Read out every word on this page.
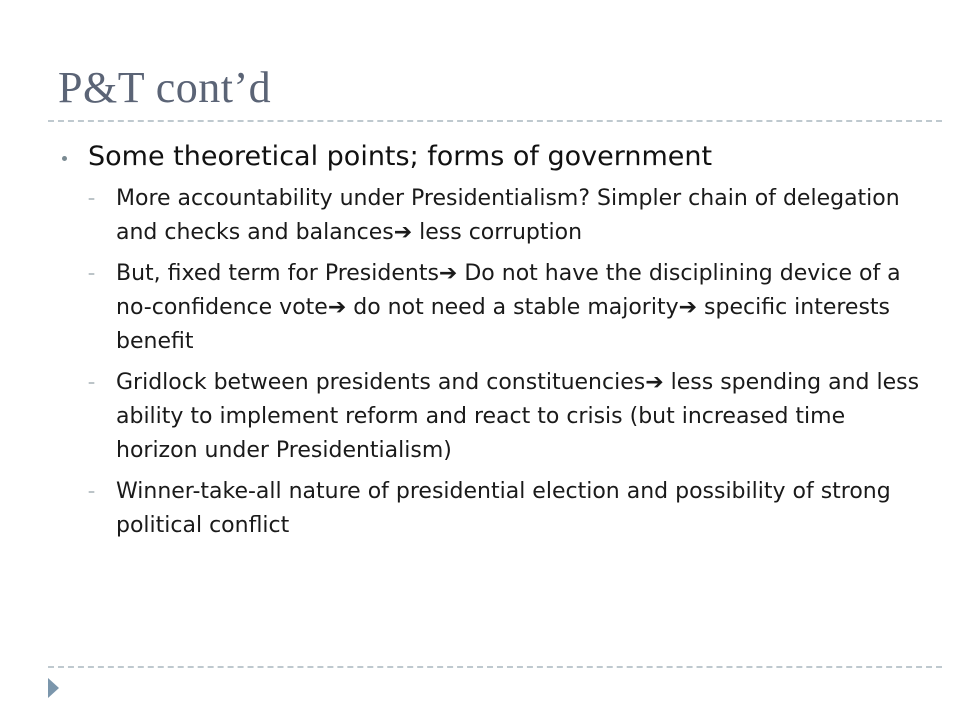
P&T cont’d
Some theoretical points; forms of government
– More accountability under Presidentialism? Simpler chain of delegation and checks and balances➔ less corruption
– But, fixed term for Presidents➔ Do not have the disciplining device of a no-confidence vote➔ do not need a stable majority➔ specific interests benefit
– Gridlock between presidents and constituencies➔ less spending and less ability to implement reform and react to crisis (but increased time horizon under Presidentialism)
– Winner-take-all nature of presidential election and possibility of strong political conflict
